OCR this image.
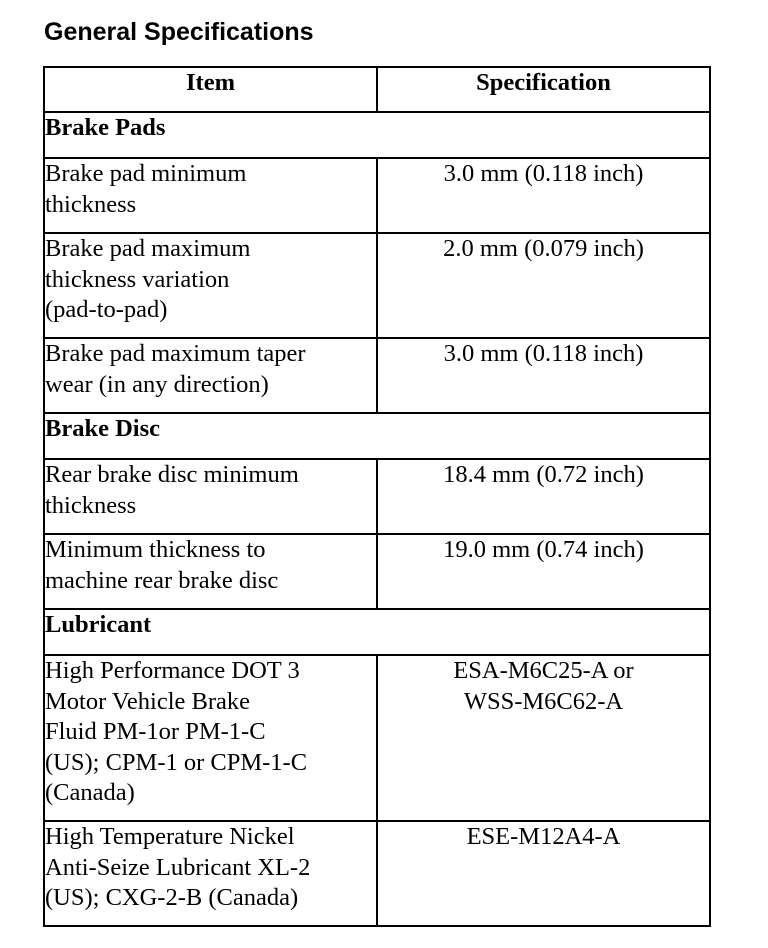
General Specifications
Item	Specification
Brake Pads	

Brake pad minimum
thickness	3.0 mm (0.118 inch)

Brake pad maximum
thickness variation
(pad-to-pad)	2.0 mm (0.079 inch)

Brake pad maximum taper
wear (in any direction)	3.0 mm (0.118 inch)

Brake Disc	

Rear brake disc minimum
thickness	18.4 mm (0.72 inch)

Minimum thickness to
machine rear brake disc	19.0 mm (0.74 inch)

Lubricant	

High Performance DOT 3
Motor Vehicle Brake
Fluid PM-1or PM-1-C
(US); CPM-1 or CPM-1-C
(Canada)	ESA-M6C25-A or
WSS-M6C62-A

High Temperature Nickel
Anti-Seize Lubricant XL-2
(US); CXG-2-B (Canada)	ESE-M12A4-A
